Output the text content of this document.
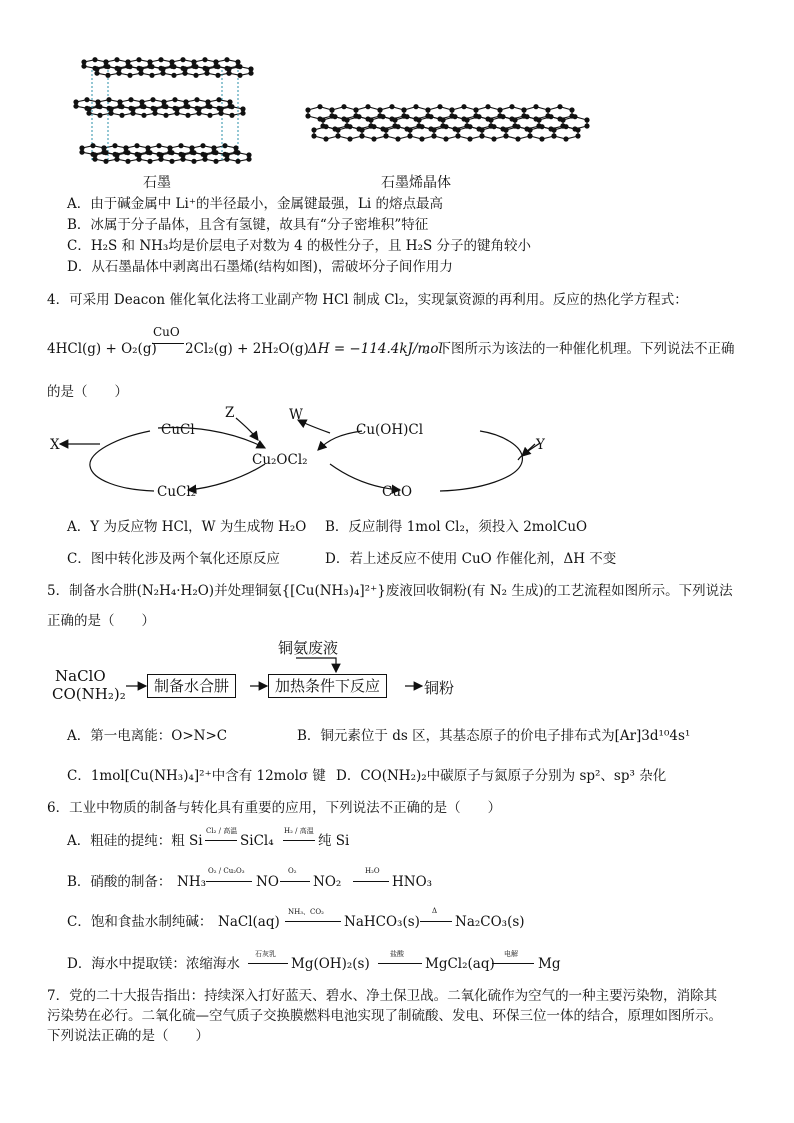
石墨	石墨烯晶体
A．由于碱金属中 Li⁺的半径最小，金属键最强，Li 的熔点最高
B．冰属于分子晶体，且含有氢键，故具有“分子密堆积”特征
C．H₂S 和 NH₃均是价层电子对数为 4 的极性分子，且 H₂S 分子的键角较小
D．从石墨晶体中剥离出石墨烯(结构如图)，需破坏分子间作用力
4．可采用 Deacon 催化氧化法将工业副产物 HCl 制成 Cl₂，实现氯资源的再利用。反应的热化学方程式：
4HCl(g) + O₂(g)
CuO
2Cl₂(g) + 2H₂O(g) ΔH = −114.4kJ/mol
。下图所示为该法的一种催化机理。下列说法不正确
的是（　　）
CuCl	Cu(OH)Cl
Cu₂OCl₂
CuCl₂	CuO
X	Y
Z	W
A．Y 为反应物 HCl，W 为生成物 H₂O B．反应制得 1mol Cl₂，须投入 2molCuO
C．图中转化涉及两个氧化还原反应	D．若上述反应不使用 CuO 作催化剂，ΔH 不变
5．制备水合肼(N₂H₄·H₂O)并处理铜氨{[Cu(NH₃)₄]²⁺}废液回收铜粉(有 N₂ 生成)的工艺流程如图所示。下列说法
正确的是（　　）
铜氨废液
NaClO
CO(NH₂)₂	制备水合肼	加热条件下反应	铜粉
A．第一电离能：O>N>C	B．铜元素位于 ds 区，其基态原子的价电子排布式为[Ar]3d¹⁰4s¹
C．1mol[Cu(NH₃)₄]²⁺中含有 12molσ 键 D．CO(NH₂)₂中碳原子与氮原子分别为 sp²、sp³ 杂化
6．工业中物质的制备与转化具有重要的应用，下列说法不正确的是（　　）
A．粗硅的提纯：粗 Si
Cl₂ / 高温
SiCl₄
H₂ / 高温
纯 Si
B．硝酸的制备： NH₃
O₂ / Cu₂O₃
NO
O₂
NO₂
H₂O
HNO₃
C．饱和食盐水制纯碱： NaCl(aq)
NH₃、CO₂
NaHCO₃(s)
Δ
Na₂CO₃(s)
D．海水中提取镁：浓缩海水
石灰乳
Mg(OH)₂(s)
盐酸
MgCl₂(aq)
电解
Mg
7．党的二十大报告指出：持续深入打好蓝天、碧水、净土保卫战。二氧化硫作为空气的一种主要污染物，消除其
污染势在必行。二氧化硫—空气质子交换膜燃料电池实现了制硫酸、发电、环保三位一体的结合，原理如图所示。
下列说法正确的是（　　）
